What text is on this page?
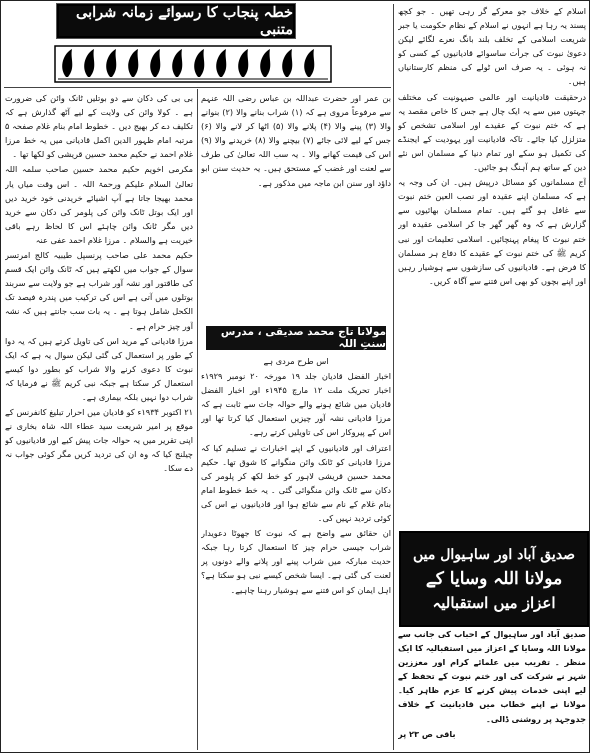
اسلام کے خلاف جو معرکے گر رہی تھیں ۔ جو کچھ پسند یہ رہا ہے انہوں نے اسلام کے نظام حکومت یا جبر شریعت اسلامی کے تخلف بلند بانگ نعرے لگائے لیکن دعویٰ نبوت کی جرأت ساسوائے قادیانیوں کے کسی کو نہ ہوئی ۔ یہ صرف اس ٹولے کی منظم کارستانیاں ہیں۔

درحقیقت قادیانیت اور عالمی صیہونیت کی مختلف جہتوں میں سے یہ ایک چال ہے جس کا خاص مقصد یہ ہے کہ ختم نبوت کے عقیدے اور اسلامی تشخص کو متزلزل کیا جائے۔ تاکہ قادیانیت اور یہودیت کے ایجنڈے کی تکمیل ہو سکے اور تمام دنیا کے مسلمان اس نئے دین کے ساتھ ہم آہنگ ہو جائیں۔

آج مسلمانوں کو مسائل درپیش ہیں۔ ان کی وجہ یہ ہے کہ مسلمان اپنے عقیدہ اور نصب العین ختم نبوت سے غافل ہو گئے ہیں۔ تمام مسلمان بھائیوں سے گزارش ہے کہ وہ گھر گھر جا کر اسلامی عقیدہ اور ختم نبوت کا پیغام پہنچائیں۔ اسلامی تعلیمات اور نبی کریم ﷺ کی ختم نبوت کے عقیدے کا دفاع ہر مسلمان کا فرض ہے۔ قادیانیوں کی سازشوں سے ہوشیار رہیں اور اپنے بچوں کو بھی اس فتنے سے آگاہ کریں۔

صدیق آباد اور ساہیوال میں
مولانا اللہ وسایا کے
اعزاز میں استقبالیہ

صدیق آباد اور ساہیوال کے احباب کی جانب سے مولانا اللہ وسایا کے اعزاز میں استقبالیہ کا ایک منظر ۔ تقریب میں علمائے کرام اور معززین شہر نے شرکت کی اور ختم نبوت کے تحفظ کے لیے اپنی خدمات پیش کرنے کا عزم ظاہر کیا۔ مولانا نے اپنے خطاب میں قادیانیت کے خلاف جدوجہد پر روشنی ڈالی۔

باقی ص ۲۳ پر

خطہ پنجاب کا رسوائے زمانہ شرابی متنبی

بن عمر اور حضرت عبداللہ بن عباس رضی اللہ عنہم سے مرفوعاً مروی ہے کہ (۱) شراب بنانے والا (۲) بنوانے والا (۳) پینے والا (۴) پلانے والا (۵) اٹھا کر لانے والا (۶) جس کے لیے لائی جائے (۷) بیچنے والا (۸) خریدنے والا (۹) اس کی قیمت کھانے والا ۔ یہ سب اللہ تعالیٰ کی طرف سے لعنت اور غضب کے مستحق ہیں۔ یہ حدیث سنن ابو داؤد اور سنن ابن ماجہ میں مذکور ہے۔

مولانا تاج محمد صدیقی ، مدرس سنتِ اللہ

اس طرح مردی ہے

اخبار الفضل قادیان جلد ۱۹ مورخہ ۲۰ نومبر ۱۹۲۹ء اخبار تحریک ملت ۱۲ مارچ ۱۹۴۵ء اور اخبار الفضل قادیان میں شائع ہونے والے حوالہ جات سے ثابت ہے کہ مرزا قادیانی نشہ آور چیزیں استعمال کیا کرتا تھا اور اس کے پیروکار اس کی تاویلیں کرتے رہے۔

اعتراف اور قادیانیوں کے اپنے اخبارات نے تسلیم کیا کہ مرزا قادیانی کو ٹانک وائن منگوانے کا شوق تھا۔ حکیم محمد حسین قریشی لاہور کو خط لکھ کر پلومر کی دکان سے ٹانک وائن منگوائی گئی ۔ یہ خط خطوط امام بنام غلام کے نام سے شائع ہوا اور قادیانیوں نے اس کی کوئی تردید نہیں کی۔

ان حقائق سے واضح ہے کہ نبوت کا جھوٹا دعویدار شراب جیسی حرام چیز کا استعمال کرتا رہا جبکہ حدیث مبارکہ میں شراب پینے اور پلانے والے دونوں پر لعنت کی گئی ہے۔ ایسا شخص کیسے نبی ہو سکتا ہے؟ اہل ایمان کو اس فتنے سے ہوشیار رہنا چاہیے۔

بی بی کی دکان سے دو بوتلیں ٹانک وائن کی ضرورت ہے ۔ کولا وائن کی ولایت کے لیے آٹھ گذارش ہے کہ تکلیف دے کر بھیج دیں ۔ خطوط امام بنام غلام صفحہ ۵ مرتبہ امام ظہور الدین اکمل قادیانی میں یہ خط مرزا غلام احمد نے حکیم محمد حسین قریشی کو لکھا تھا ۔

مکرمی اخویم حکیم محمد حسین صاحب سلمہ اللہ تعالیٰ السلام علیکم ورحمۃ اللہ ۔ اس وقت میاں یار محمد بھیجا جاتا ہے آپ اشیائے خریدنی خود خرید دیں اور ایک بوتل ٹانک وائن کی پلومر کی دکان سے خرید دیں مگر ٹانک وائن چاہئے اس کا لحاظ رہے باقی خیریت ہے والسلام ۔ مرزا غلام احمد عفی عنہ

حکیم محمد علی صاحب پرنسپل طیبیہ کالج امرتسر سوال کے جواب میں لکھتے ہیں کہ ٹانک وائن ایک قسم کی طاقتور اور نشہ آور شراب ہے جو ولایت سے سربند بوتلوں میں آتی ہے اس کی ترکیب میں پندرہ فیصد تک الکحل شامل ہوتا ہے ۔ یہ بات سب جانتے ہیں کہ نشہ آور چیز حرام ہے ۔

مرزا قادیانی کے مرید اس کی تاویل کرتے ہیں کہ یہ دوا کے طور پر استعمال کی گئی لیکن سوال یہ ہے کہ ایک نبوت کا دعوی کرنے والا شراب کو بطور دوا کیسے استعمال کر سکتا ہے جبکہ نبی کریم ﷺ نے فرمایا کہ شراب دوا نہیں بلکہ بیماری ہے۔

۲۱ اکتوبر ۱۹۳۴ء کو قادیان میں احرار تبلیغ کانفرنس کے موقع پر امیر شریعت سید عطاء اللہ شاہ بخاری نے اپنی تقریر میں یہ حوالہ جات پیش کیے اور قادیانیوں کو چیلنج کیا کہ وہ ان کی تردید کریں مگر کوئی جواب نہ دے سکا۔
